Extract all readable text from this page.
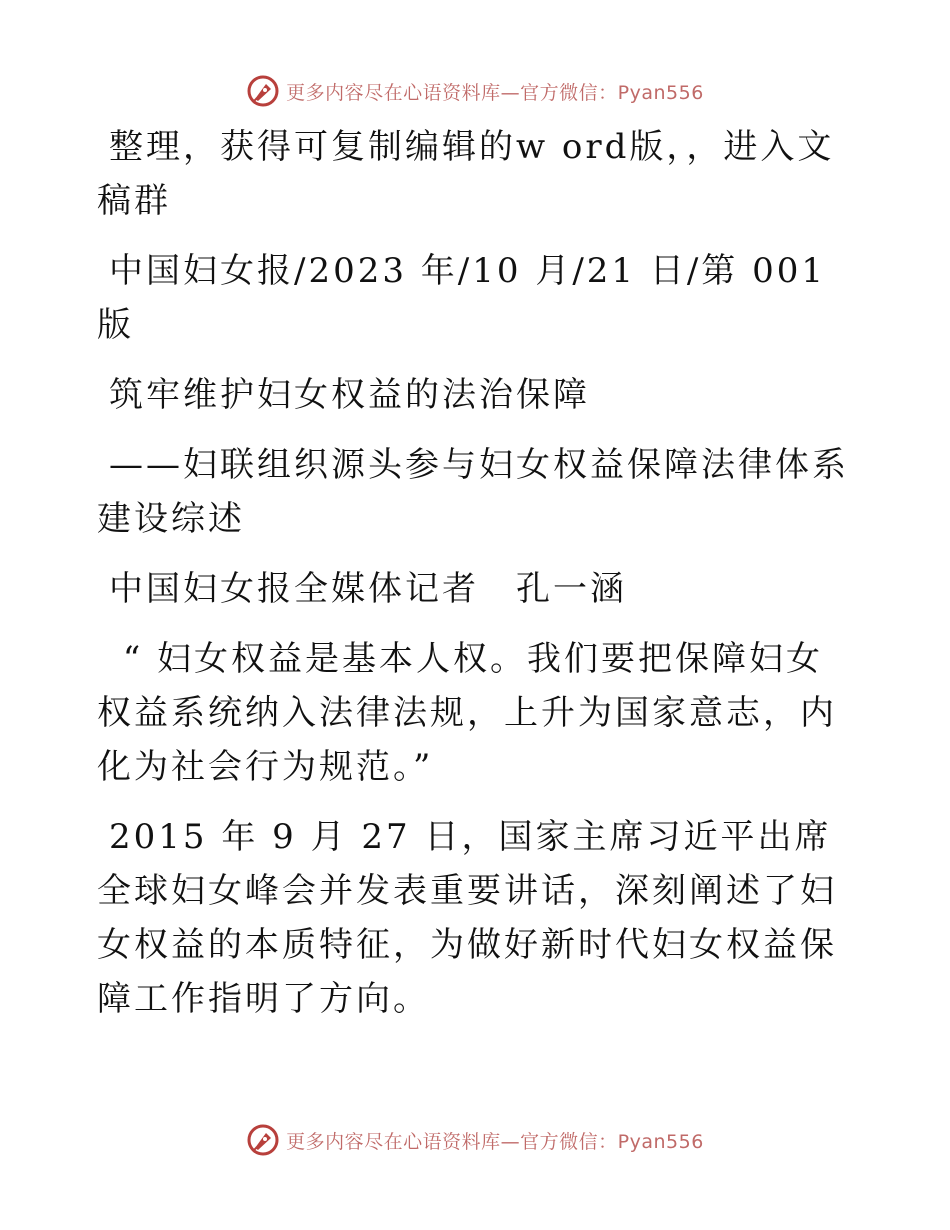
更多内容尽在心语资料库—官方微信：Pyan556

整理，获得可复制编辑的w ord版，，进入文稿群

中国妇女报/2023 年/10 月/21 日/第 001 版

筑牢维护妇女权益的法治保障

——妇联组织源头参与妇女权益保障法律体系建设综述

中国妇女报全媒体记者　孔一涵

“ 妇女权益是基本人权。我们要把保障妇女权益系统纳入法律法规，上升为国家意志，内化为社会行为规范。”

2015 年 9 月 27 日，国家主席习近平出席全球妇女峰会并发表重要讲话，深刻阐述了妇女权益的本质特征，为做好新时代妇女权益保障工作指明了方向。

更多内容尽在心语资料库—官方微信：Pyan556
